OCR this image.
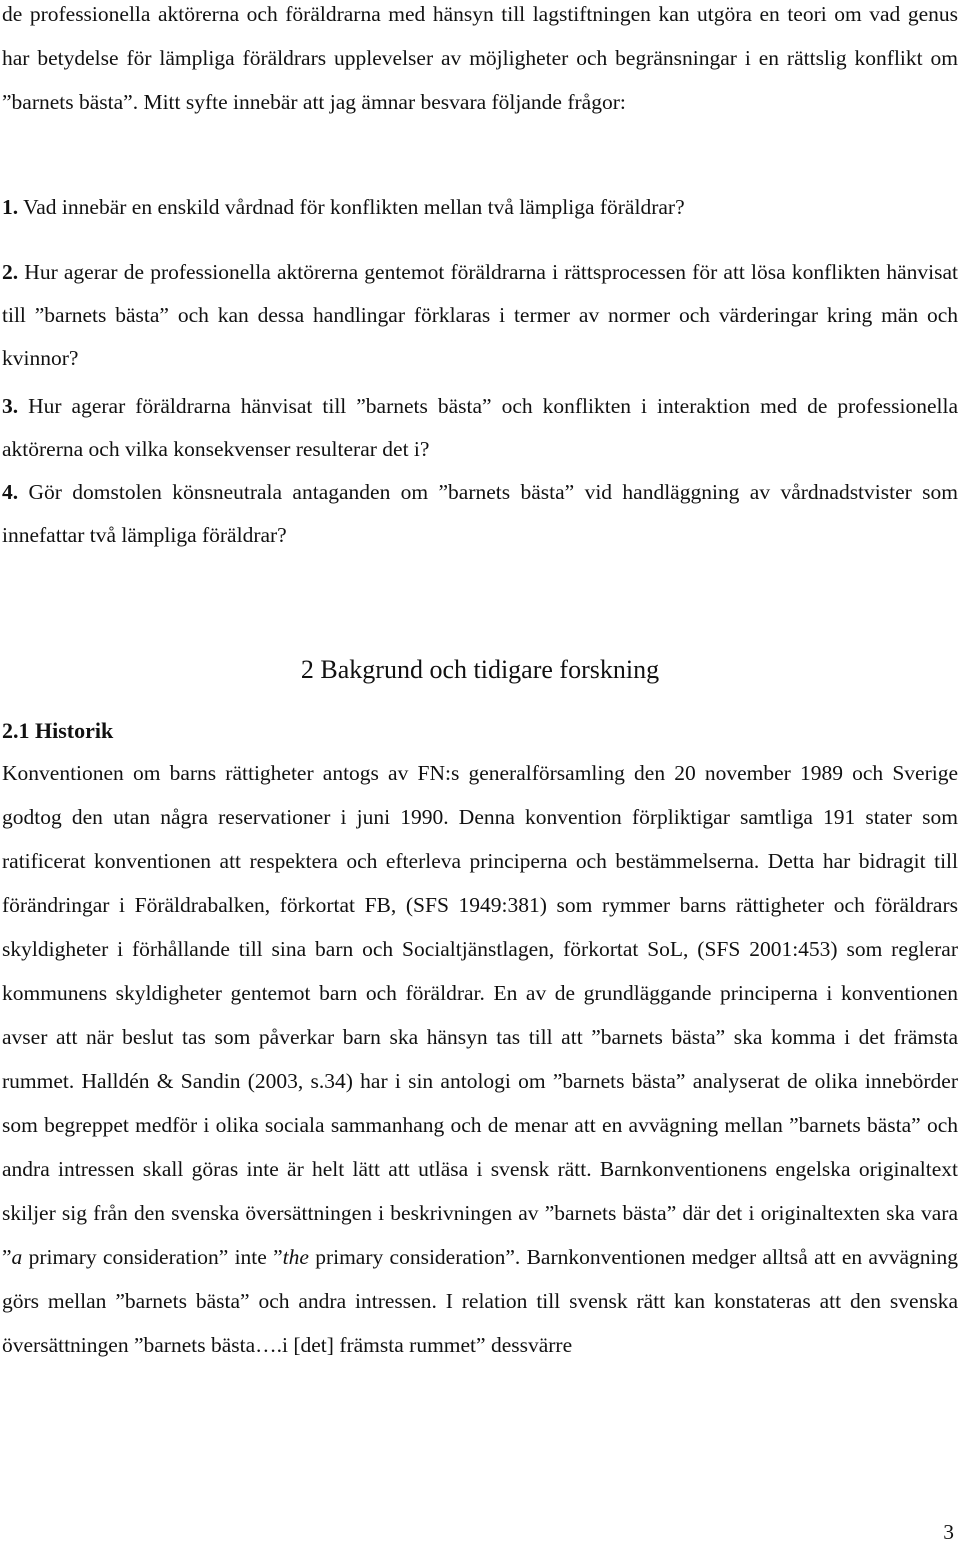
de professionella aktörerna och föräldrarna med hänsyn till lagstiftningen kan utgöra en teori om vad genus har betydelse för lämpliga föräldrars upplevelser av möjligheter och begränsningar i en rättslig konflikt om ”barnets bästa”. Mitt syfte innebär att jag ämnar besvara följande frågor:
1. Vad innebär en enskild vårdnad för konflikten mellan två lämpliga föräldrar?
2. Hur agerar de professionella aktörerna gentemot föräldrarna i rättsprocessen för att lösa konflikten hänvisat till ”barnets bästa” och kan dessa handlingar förklaras i termer av normer och värderingar kring män och kvinnor?
3. Hur agerar föräldrarna hänvisat till ”barnets bästa” och konflikten i interaktion med de professionella aktörerna och vilka konsekvenser resulterar det i?
4. Gör domstolen könsneutrala antaganden om ”barnets bästa” vid handläggning av vårdnadstvister som innefattar två lämpliga föräldrar?
2 Bakgrund och tidigare forskning
2.1 Historik
Konventionen om barns rättigheter antogs av FN:s generalförsamling den 20 november 1989 och Sverige godtog den utan några reservationer i juni 1990. Denna konvention förpliktigar samtliga 191 stater som ratificerat konventionen att respektera och efterleva principerna och bestämmelserna. Detta har bidragit till förändringar i Föräldrabalken, förkortat FB, (SFS 1949:381) som rymmer barns rättigheter och föräldrars skyldigheter i förhållande till sina barn och Socialtjänstlagen, förkortat SoL, (SFS 2001:453) som reglerar kommunens skyldigheter gentemot barn och föräldrar. En av de grundläggande principerna i konventionen avser att när beslut tas som påverkar barn ska hänsyn tas till att ”barnets bästa” ska komma i det främsta rummet. Halldén & Sandin (2003, s.34) har i sin antologi om ”barnets bästa” analyserat de olika innebörder som begreppet medför i olika sociala sammanhang och de menar att en avvägning mellan ”barnets bästa” och andra intressen skall göras inte är helt lätt att utläsa i svensk rätt. Barnkonventionens engelska originaltext skiljer sig från den svenska översättningen i beskrivningen av ”barnets bästa” där det i originaltexten ska vara ”a primary consideration” inte ”the primary consideration”. Barnkonventionen medger alltså att en avvägning görs mellan ”barnets bästa” och andra intressen. I relation till svensk rätt kan konstateras att den svenska översättningen ”barnets bästa….i [det] främsta rummet” dessvärre
3
